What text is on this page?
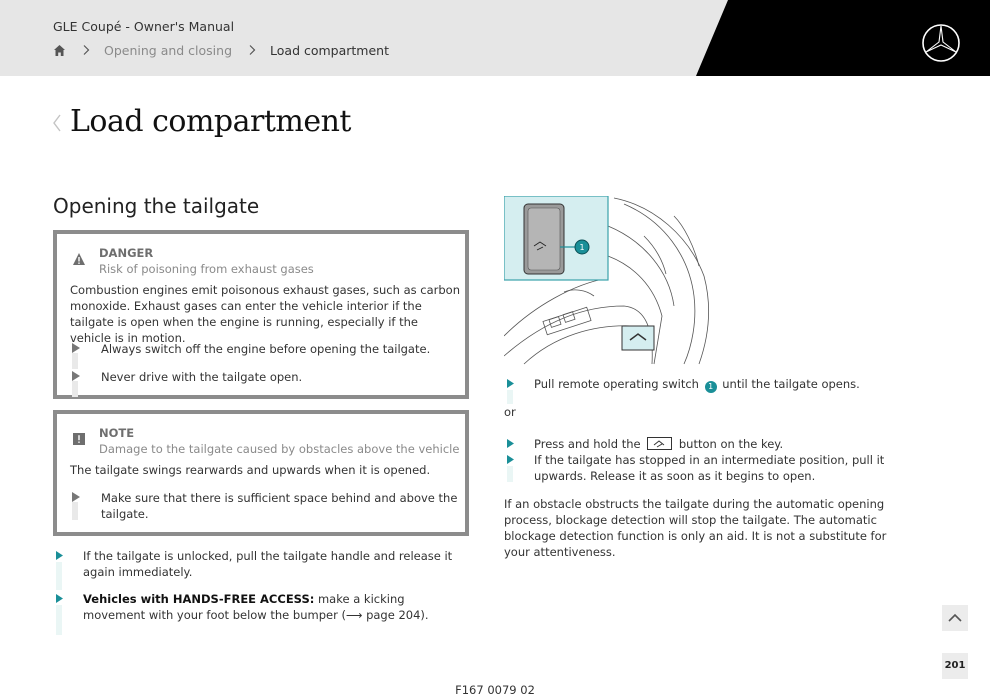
GLE Coupé - Owner's Manual
Opening and closing	Load compartment
Load compartment
Opening the tailgate
DANGER
Risk of poisoning from exhaust gases
Combustion engines emit poisonous exhaust gases, such as carbon monoxide. Exhaust gases can enter the vehicle interior if the tailgate is open when the engine is running, especially if the vehicle is in motion.
Always switch off the engine before opening the tailgate.
Never drive with the tailgate open.
NOTE
Damage to the tailgate caused by obstacles above the vehicle
The tailgate swings rearwards and upwards when it is opened.
Make sure that there is sufficient space behind and above the tailgate.
If the tailgate is unlocked, pull the tailgate handle and release it again immediately.
Vehicles with HANDS-FREE ACCESS: make a kicking movement with your foot below the bumper (⟶ page 204).
1
Pull remote operating switch 1 until the tailgate opens.
or
Press and hold the	button on the key.
If the tailgate has stopped in an intermediate position, pull it upwards. Release it as soon as it begins to open.
If an obstacle obstructs the tailgate during the automatic opening process, blockage detection will stop the tailgate. The automatic blockage detection function is only an aid. It is not a substitute for your attentiveness.
F167 0079 02
201
